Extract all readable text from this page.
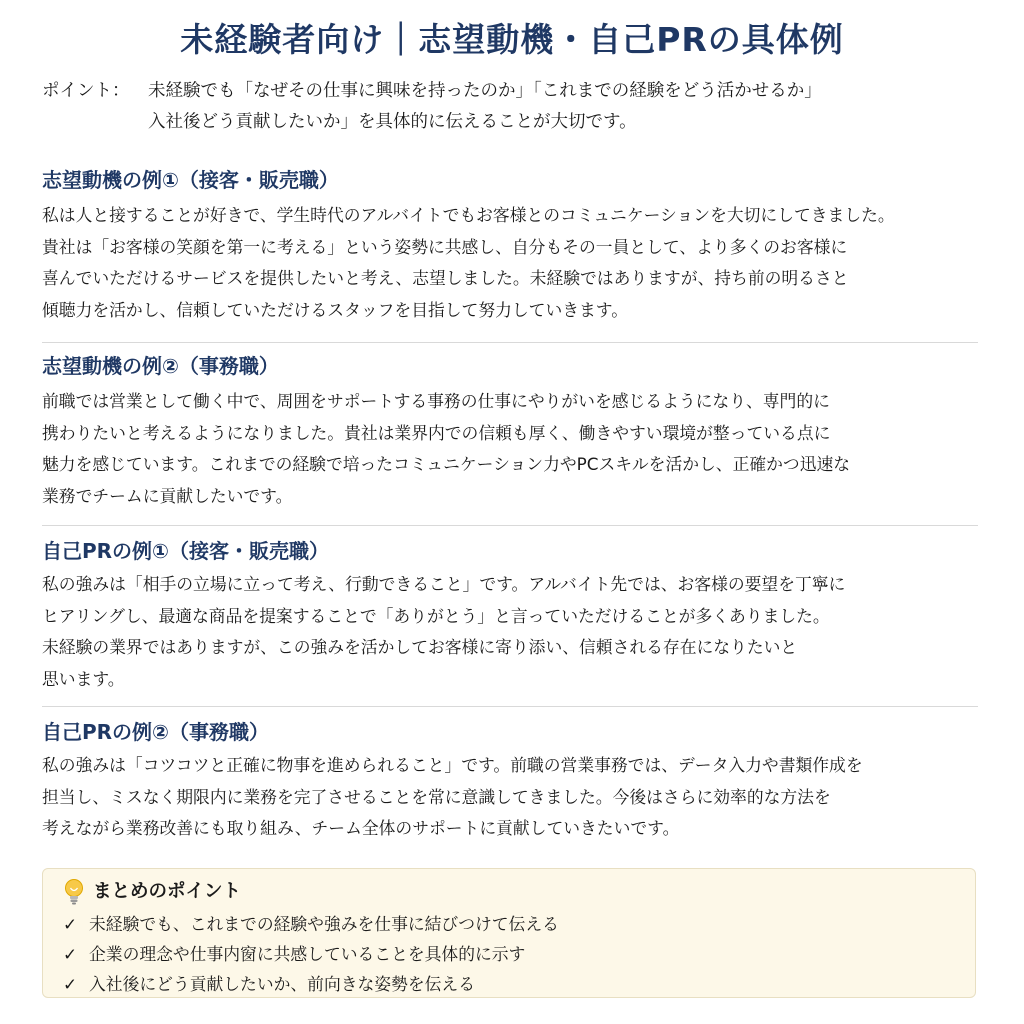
未経験者向け｜志望動機・自己PRの具体例
ポイント：	未経験でも「なぜその仕事に興味を持ったのか」「これまでの経験をどう活かせるか」
入社後どう貢献したいか」を具体的に伝えることが大切です。
志望動機の例①（接客・販売職）
私は人と接することが好きで、学生時代のアルバイトでもお客様とのコミュニケーションを大切にしてきました。
貴社は「お客様の笑顔を第一に考える」という姿勢に共感し、自分もその一員として、より多くのお客様に
喜んでいただけるサービスを提供したいと考え、志望しました。未経験ではありますが、持ち前の明るさと
傾聴力を活かし、信頼していただけるスタッフを目指して努力していきます。
志望動機の例②（事務職）
前職では営業として働く中で、周囲をサポートする事務の仕事にやりがいを感じるようになり、専門的に
携わりたいと考えるようになりました。貴社は業界内での信頼も厚く、働きやすい環境が整っている点に
魅力を感じています。これまでの経験で培ったコミュニケーション力やPCスキルを活かし、正確かつ迅速な
業務でチームに貢献したいです。
自己PRの例①（接客・販売職）
私の強みは「相手の立場に立って考え、行動できること」です。アルバイト先では、お客様の要望を丁寧に
ヒアリングし、最適な商品を提案することで「ありがとう」と言っていただけることが多くありました。
未経験の業界ではありますが、この強みを活かしてお客様に寄り添い、信頼される存在になりたいと
思います。
自己PRの例②（事務職）
私の強みは「コツコツと正確に物事を進められること」です。前職の営業事務では、データ入力や書類作成を
担当し、ミスなく期限内に業務を完了させることを常に意識してきました。今後はさらに効率的な方法を
考えながら業務改善にも取り組み、チーム全体のサポートに貢献していきたいです。
まとめのポイント
✓ 未経験でも、これまでの経験や強みを仕事に結びつけて伝える
✓ 企業の理念や仕事内窗に共感していることを具体的に示す
✓ 入社後にどう貢献したいか、前向きな姿勢を伝える
